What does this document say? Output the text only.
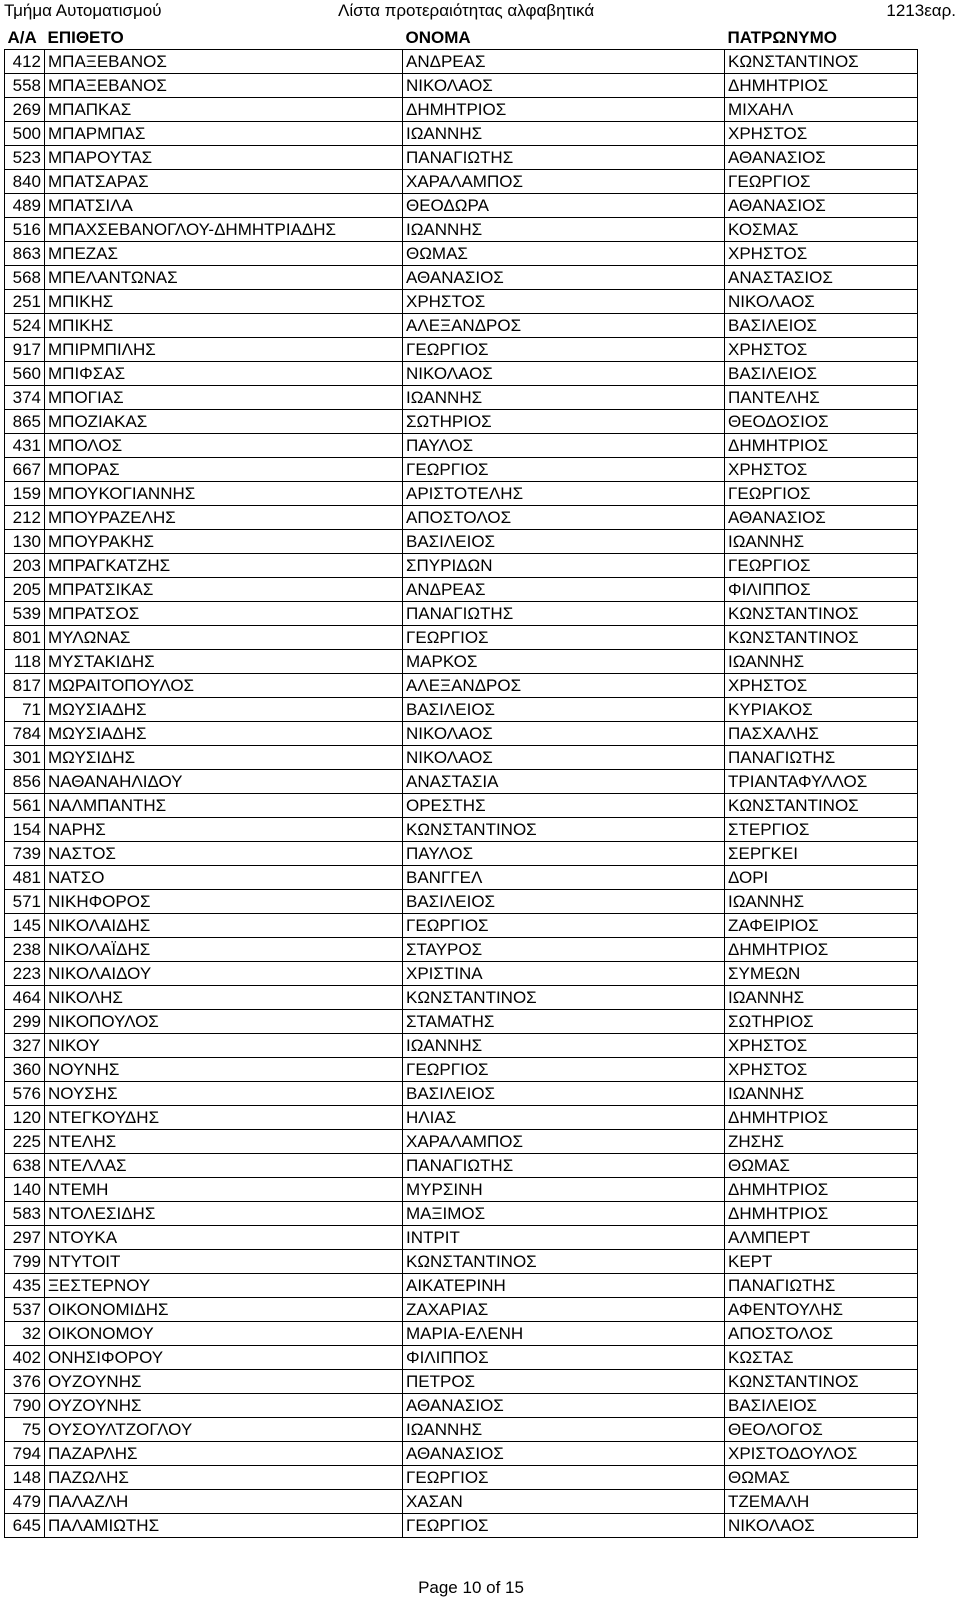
Τμήμα Αυτοματισμού	Λίστα προτεραιότητας αλφαβητικά	1213εαρ.
Α/Α	ΕΠΙΘΕΤΟ	ΟΝΟΜΑ	ΠΑΤΡΩΝΥΜΟ
412	ΜΠΑΞΕΒΑΝΟΣ	ΑΝΔΡΕΑΣ	ΚΩΝΣΤΑΝΤΙΝΟΣ
558	ΜΠΑΞΕΒΑΝΟΣ	ΝΙΚΟΛΑΟΣ	ΔΗΜΗΤΡΙΟΣ
269	ΜΠΑΠΚΑΣ	ΔΗΜΗΤΡΙΟΣ	ΜΙΧΑΗΛ
500	ΜΠΑΡΜΠΑΣ	ΙΩΑΝΝΗΣ	ΧΡΗΣΤΟΣ
523	ΜΠΑΡΟΥΤΑΣ	ΠΑΝΑΓΙΩΤΗΣ	ΑΘΑΝΑΣΙΟΣ
840	ΜΠΑΤΣΑΡΑΣ	ΧΑΡΑΛΑΜΠΟΣ	ΓΕΩΡΓΙΟΣ
489	ΜΠΑΤΣΙΛΑ	ΘΕΟΔΩΡΑ	ΑΘΑΝΑΣΙΟΣ
516	ΜΠΑΧΣΕΒΑΝΟΓΛΟΥ-ΔΗΜΗΤΡΙΑΔΗΣ	ΙΩΑΝΝΗΣ	ΚΟΣΜΑΣ
863	ΜΠΕΖΑΣ	ΘΩΜΑΣ	ΧΡΗΣΤΟΣ
568	ΜΠΕΛΑΝΤΩΝΑΣ	ΑΘΑΝΑΣΙΟΣ	ΑΝΑΣΤΑΣΙΟΣ
251	ΜΠΙΚΗΣ	ΧΡΗΣΤΟΣ	ΝΙΚΟΛΑΟΣ
524	ΜΠΙΚΗΣ	ΑΛΕΞΑΝΔΡΟΣ	ΒΑΣΙΛΕΙΟΣ
917	ΜΠΙΡΜΠΙΛΗΣ	ΓΕΩΡΓΙΟΣ	ΧΡΗΣΤΟΣ
560	ΜΠΙΦΣΑΣ	ΝΙΚΟΛΑΟΣ	ΒΑΣΙΛΕΙΟΣ
374	ΜΠΟΓΙΑΣ	ΙΩΑΝΝΗΣ	ΠΑΝΤΕΛΗΣ
865	ΜΠΟΖΙΑΚΑΣ	ΣΩΤΗΡΙΟΣ	ΘΕΟΔΟΣΙΟΣ
431	ΜΠΟΛΟΣ	ΠΑΥΛΟΣ	ΔΗΜΗΤΡΙΟΣ
667	ΜΠΟΡΑΣ	ΓΕΩΡΓΙΟΣ	ΧΡΗΣΤΟΣ
159	ΜΠΟΥΚΟΓΙΑΝΝΗΣ	ΑΡΙΣΤΟΤΕΛΗΣ	ΓΕΩΡΓΙΟΣ
212	ΜΠΟΥΡΑΖΕΛΗΣ	ΑΠΟΣΤΟΛΟΣ	ΑΘΑΝΑΣΙΟΣ
130	ΜΠΟΥΡΑΚΗΣ	ΒΑΣΙΛΕΙΟΣ	ΙΩΑΝΝΗΣ
203	ΜΠΡΑΓΚΑΤΖΗΣ	ΣΠΥΡΙΔΩΝ	ΓΕΩΡΓΙΟΣ
205	ΜΠΡΑΤΣΙΚΑΣ	ΑΝΔΡΕΑΣ	ΦΙΛΙΠΠΟΣ
539	ΜΠΡΑΤΣΟΣ	ΠΑΝΑΓΙΩΤΗΣ	ΚΩΝΣΤΑΝΤΙΝΟΣ
801	ΜΥΛΩΝΑΣ	ΓΕΩΡΓΙΟΣ	ΚΩΝΣΤΑΝΤΙΝΟΣ
118	ΜΥΣΤΑΚΙΔΗΣ	ΜΑΡΚΟΣ	ΙΩΑΝΝΗΣ
817	ΜΩΡΑΙΤΟΠΟΥΛΟΣ	ΑΛΕΞΑΝΔΡΟΣ	ΧΡΗΣΤΟΣ
71	ΜΩΥΣΙΑΔΗΣ	ΒΑΣΙΛΕΙΟΣ	ΚΥΡΙΑΚΟΣ
784	ΜΩΥΣΙΑΔΗΣ	ΝΙΚΟΛΑΟΣ	ΠΑΣΧΑΛΗΣ
301	ΜΩΥΣΙΔΗΣ	ΝΙΚΟΛΑΟΣ	ΠΑΝΑΓΙΩΤΗΣ
856	ΝΑΘΑΝΑΗΛΙΔΟΥ	ΑΝΑΣΤΑΣΙΑ	ΤΡΙΑΝΤΑΦΥΛΛΟΣ
561	ΝΑΛΜΠΑΝΤΗΣ	ΟΡΕΣΤΗΣ	ΚΩΝΣΤΑΝΤΙΝΟΣ
154	ΝΑΡΗΣ	ΚΩΝΣΤΑΝΤΙΝΟΣ	ΣΤΕΡΓΙΟΣ
739	ΝΑΣΤΟΣ	ΠΑΥΛΟΣ	ΣΕΡΓΚΕΙ
481	ΝΑΤΣΟ	ΒΑΝΓΓΕΛ	ΔΟΡΙ
571	ΝΙΚΗΦΟΡΟΣ	ΒΑΣΙΛΕΙΟΣ	ΙΩΑΝΝΗΣ
145	ΝΙΚΟΛΑΙΔΗΣ	ΓΕΩΡΓΙΟΣ	ΖΑΦΕΙΡΙΟΣ
238	ΝΙΚΟΛΑΪΔΗΣ	ΣΤΑΥΡΟΣ	ΔΗΜΗΤΡΙΟΣ
223	ΝΙΚΟΛΑΙΔΟΥ	ΧΡΙΣΤΙΝΑ	ΣΥΜΕΩΝ
464	ΝΙΚΟΛΗΣ	ΚΩΝΣΤΑΝΤΙΝΟΣ	ΙΩΑΝΝΗΣ
299	ΝΙΚΟΠΟΥΛΟΣ	ΣΤΑΜΑΤΗΣ	ΣΩΤΗΡΙΟΣ
327	ΝΙΚΟΥ	ΙΩΑΝΝΗΣ	ΧΡΗΣΤΟΣ
360	ΝΟΥΝΗΣ	ΓΕΩΡΓΙΟΣ	ΧΡΗΣΤΟΣ
576	ΝΟΥΣΗΣ	ΒΑΣΙΛΕΙΟΣ	ΙΩΑΝΝΗΣ
120	ΝΤΕΓΚΟΥΔΗΣ	ΗΛΙΑΣ	ΔΗΜΗΤΡΙΟΣ
225	ΝΤΕΛΗΣ	ΧΑΡΑΛΑΜΠΟΣ	ΖΗΣΗΣ
638	ΝΤΕΛΛΑΣ	ΠΑΝΑΓΙΩΤΗΣ	ΘΩΜΑΣ
140	ΝΤΕΜΗ	ΜΥΡΣΙΝΗ	ΔΗΜΗΤΡΙΟΣ
583	ΝΤΟΛΕΣΙΔΗΣ	ΜΑΞΙΜΟΣ	ΔΗΜΗΤΡΙΟΣ
297	ΝΤΟΥΚΑ	ΙΝΤΡΙΤ	ΑΛΜΠΕΡΤ
799	ΝΤΥΤΟΙΤ	ΚΩΝΣΤΑΝΤΙΝΟΣ	ΚΕΡΤ
435	ΞΕΣΤΕΡΝΟΥ	ΑΙΚΑΤΕΡΙΝΗ	ΠΑΝΑΓΙΩΤΗΣ
537	ΟΙΚΟΝΟΜΙΔΗΣ	ΖΑΧΑΡΙΑΣ	ΑΦΕΝΤΟΥΛΗΣ
32	ΟΙΚΟΝΟΜΟΥ	ΜΑΡΙΑ-ΕΛΕΝΗ	ΑΠΟΣΤΟΛΟΣ
402	ΟΝΗΣΙΦΟΡΟΥ	ΦΙΛΙΠΠΟΣ	ΚΩΣΤΑΣ
376	ΟΥΖΟΥΝΗΣ	ΠΕΤΡΟΣ	ΚΩΝΣΤΑΝΤΙΝΟΣ
790	ΟΥΖΟΥΝΗΣ	ΑΘΑΝΑΣΙΟΣ	ΒΑΣΙΛΕΙΟΣ
75	ΟΥΣΟΥΛΤΖΟΓΛΟΥ	ΙΩΑΝΝΗΣ	ΘΕΟΛΟΓΟΣ
794	ΠΑΖΑΡΛΗΣ	ΑΘΑΝΑΣΙΟΣ	ΧΡΙΣΤΟΔΟΥΛΟΣ
148	ΠΑΖΩΛΗΣ	ΓΕΩΡΓΙΟΣ	ΘΩΜΑΣ
479	ΠΑΛΑΖΛΗ	ΧΑΣΑΝ	ΤΖΕΜΑΛΗ
645	ΠΑΛΑΜΙΩΤΗΣ	ΓΕΩΡΓΙΟΣ	ΝΙΚΟΛΑΟΣ
Page 10 of 15
